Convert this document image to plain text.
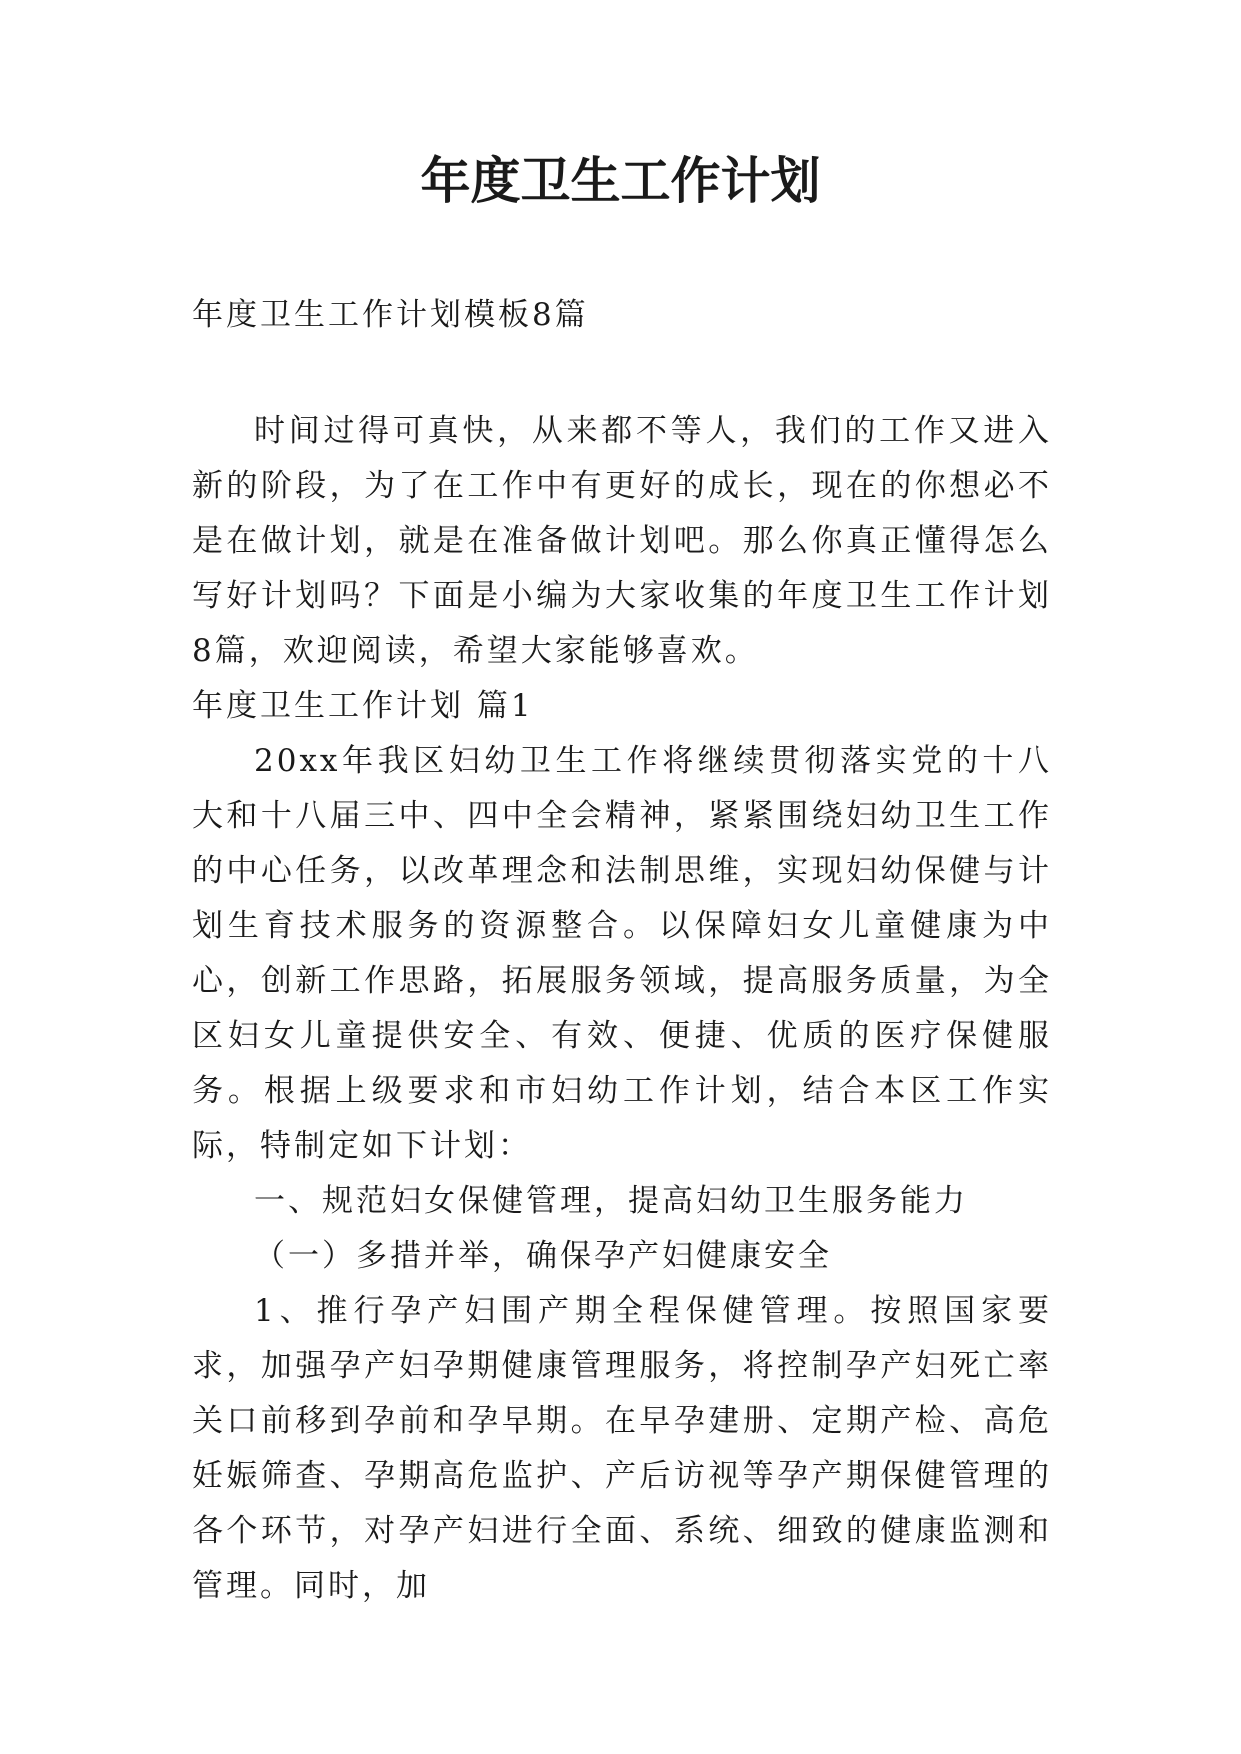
年度卫生工作计划

年度卫生工作计划模板8篇

时间过得可真快，从来都不等人，我们的工作又进入新的阶段，为了在工作中有更好的成长，现在的你想必不是在做计划，就是在准备做计划吧。那么你真正懂得怎么写好计划吗？下面是小编为大家收集的年度卫生工作计划8篇，欢迎阅读，希望大家能够喜欢。

年度卫生工作计划 篇1

20xx年我区妇幼卫生工作将继续贯彻落实党的十八大和十八届三中、四中全会精神，紧紧围绕妇幼卫生工作的中心任务，以改革理念和法制思维，实现妇幼保健与计划生育技术服务的资源整合。以保障妇女儿童健康为中心，创新工作思路，拓展服务领域，提高服务质量，为全区妇女儿童提供安全、有效、便捷、优质的医疗保健服务。根据上级要求和市妇幼工作计划，结合本区工作实际，特制定如下计划：

一、规范妇女保健管理，提高妇幼卫生服务能力

（一）多措并举，确保孕产妇健康安全

1、推行孕产妇围产期全程保健管理。按照国家要求，加强孕产妇孕期健康管理服务，将控制孕产妇死亡率关口前移到孕前和孕早期。在早孕建册、定期产检、高危妊娠筛查、孕期高危监护、产后访视等孕产期保健管理的各个环节，对孕产妇进行全面、系统、细致的健康监测和管理。同时，加
